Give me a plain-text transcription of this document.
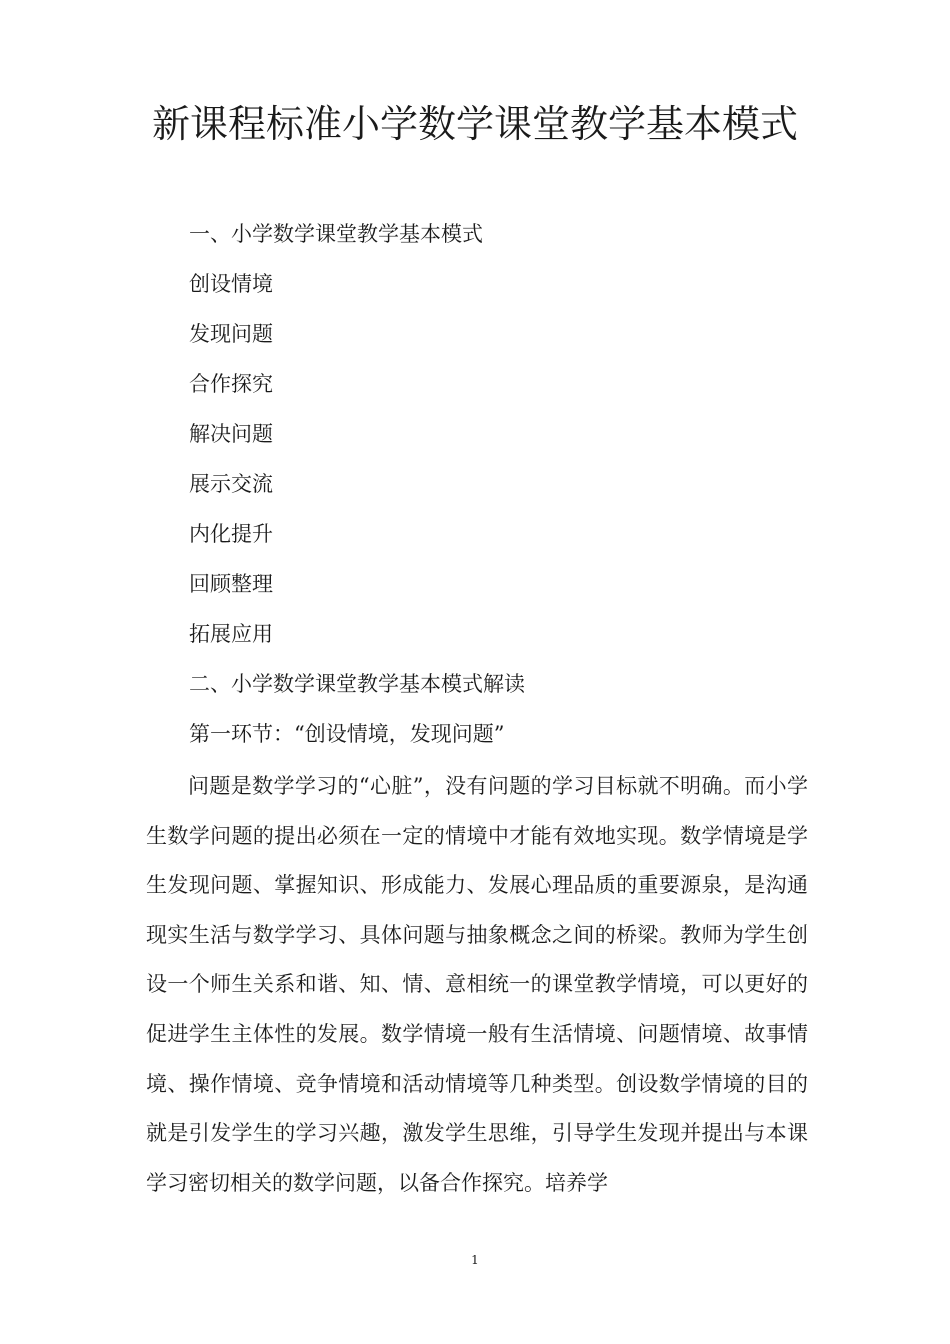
新课程标准小学数学课堂教学基本模式
一、小学数学课堂教学基本模式
创设情境
发现问题
合作探究
解决问题
展示交流
内化提升
回顾整理
拓展应用
二、小学数学课堂教学基本模式解读
第一环节：“创设情境，发现问题”

问题是数学学习的“心脏”，没有问题的学习目标就不明确。而小学生数学问题的提出必须在一定的情境中才能有效地实现。数学情境是学生发现问题、掌握知识、形成能力、发展心理品质的重要源泉，是沟通现实生活与数学学习、具体问题与抽象概念之间的桥梁。教师为学生创设一个师生关系和谐、知、情、意相统一的课堂教学情境，可以更好的促进学生主体性的发展。数学情境一般有生活情境、问题情境、故事情境、操作情境、竞争情境和活动情境等几种类型。创设数学情境的目的就是引发学生的学习兴趣，激发学生思维，引导学生发现并提出与本课学习密切相关的数学问题，以备合作探究。培养学

1
